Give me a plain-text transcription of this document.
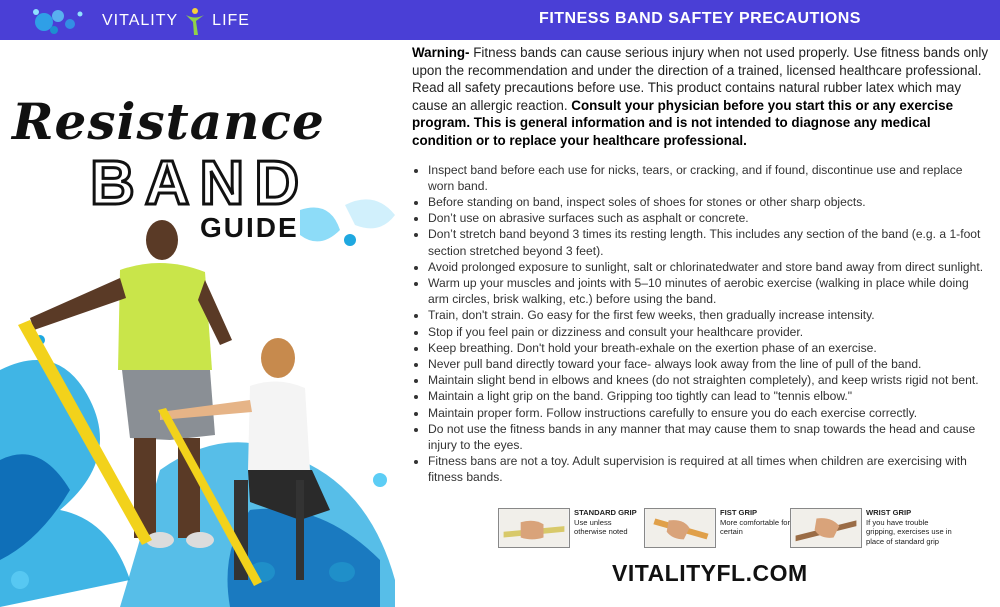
VITALITY LIFE	FITNESS BAND SAFTEY PRECAUTIONS
Resistance
BAND
GUIDE

Warning- Fitness bands can cause serious injury when not used properly. Use fitness bands only upon the recommendation and under the direction of a trained, licensed healthcare professional. Read all safety precautions before use. This product contains natural rubber latex which may cause an allergic reaction. Consult your physician before you start this or any exercise program. This is general information and is not intended to diagnose any medical condition or to replace your healthcare professional.

• Inspect band before each use for nicks, tears, or cracking, and if found, discontinue use and replace worn band.
• Before standing on band, inspect soles of shoes for stones or other sharp objects.
• Don’t use on abrasive surfaces such as asphalt or concrete.
• Don’t stretch band beyond 3 times its resting length. This includes any section of the band (e.g. a 1-foot section stretched beyond 3 feet).
• Avoid prolonged exposure to sunlight, salt or chlorinatedwater and store band away from direct sunlight.
• Warm up your muscles and joints with 5–10 minutes of aerobic exercise (walking in place while doing arm circles, brisk walking, etc.) before using the band.
• Train, don't strain. Go easy for the first few weeks, then gradually increase intensity.
• Stop if you feel pain or dizziness and consult your healthcare provider.
• Keep breathing. Don't hold your breath-exhale on the exertion phase of an exercise.
• Never pull band directly toward your face- always look away from the line of pull of the band.
• Maintain slight bend in elbows and knees (do not straighten completely), and keep wrists rigid not bent.
• Maintain a light grip on the band. Gripping too tightly can lead to "tennis elbow."
• Maintain proper form. Follow instructions carefully to ensure you do each exercise correctly.
• Do not use the fitness bands in any manner that may cause them to snap towards the head and cause injury to the eyes.
• Fitness bans are not a toy. Adult supervision is required at all times when children are exercising with fitness bands.
STANDARD GRIP
Use unless otherwise noted
FIST GRIP
More comfortable for certain
WRIST GRIP
If you have trouble gripping, exercises use in place of standard grip
VITALITYFL.COM
